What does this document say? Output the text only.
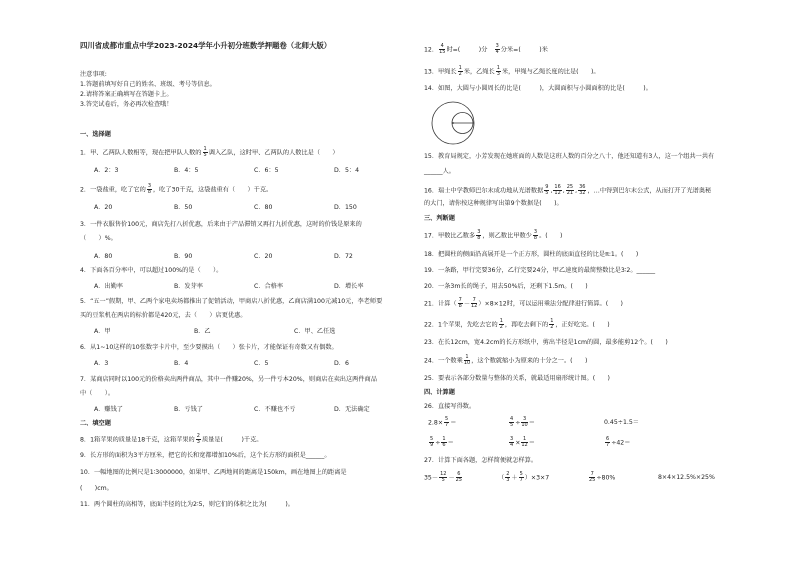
四川省成都市重点中学2023-2024学年小升初分班数学押题卷（北师大版）
注意事项:
1.答题前填写好自己的姓名、班级、考号等信息。
2.请将答案正确填写在答题卡上。
3.答完试卷后，务必再次检查哦！
一、选择题
1．甲、乙两队人数相等，现在把甲队人数的 $\frac{1}{5}$ 调入乙队，这时甲、乙两队的人数比是（　　）
A．2：3	B．4：5	C．6：5	D．5：4
2．一袋盐重，吃了它的 $\frac{3}{8}$ ，吃了30千克，这袋盐重有（　　）千克。
A．20	B．50	C．80	D．150
3．一件衣服售价100元，商店先打八折优惠，后来由于产品滞销又再打九折优惠，这时的价钱是原来的
（　　）%。
A．80	B．90	C．20	D．72
4．下面各百分率中，可以超过100%的是（　　）。
A．出勤率	B．发芽率	C．合格率	D．增长率
5．“五一”假期，甲、乙两个家电卖场都推出了促销活动，甲商店八折优惠，乙商店满100元减10元，李老师要
买的豆浆机在两店的标价都是420元，去（　　）店更优惠。
A．甲	B．乙	C．甲、乙任选
6．从1~10这样的10张数字卡片中，至少要摸出（　　）张卡片，才能保证有奇数又有偶数。
A．3	B．4	C．5	D．6
7．某商店同时以100元的价格卖出两件商品，其中一件赚20%，另一件亏本20%，则商店在卖出这两件商品
中（　　）。
A．赚钱了	B．亏钱了	C．不赚也不亏	D．无法确定
二、填空题
8．1箱苹果的质量是18千克，这箱苹果的 $\frac{2}{3}$ 质量是(　　　)千克。
9．长方形的面积为3平方厘米，把它的长和宽都增加10%后，这个长方形的面积是______。
10．一幅地图的比例尺是1∶3000000，如果甲、乙两地间的距离是150km，画在地图上的距离是
(　　)cm。
11．两个圆柱的高相等，底面半径的比为2∶5，则它们的体积之比为(　　　)。
12． $\frac{4}{15}$ 时=(　　　)分　 $\frac{3}{4}$ 分米=(　　　)米
13．甲绳长 $\frac{1}{2}$ 米，乙绳长 $\frac{1}{3}$ 米，甲绳与乙绳长度的比是(　　)。
14．如图，大圆与小圆周长的比是(　　　)，大圆面积与小圆面积的比是(　　　)。
15．教育局规定，小芳发现在她班面的人数是这班人数的百分之八十，他还知道有3人，这一个组共一共有
______人。
16．瑞士中学教师巴尔末成功地从光谱数据 $\frac{9}{5}$ , $\frac{16}{12}$ , $\frac{25}{21}$ , $\frac{36}{32}$ ，…中得到巴尔末公式，从而打开了光谱奥秘
的大门，请你按这种规律写出第9个数据是(　　)。
三、判断题
17．甲数比乙数多 $\frac{3}{8}$ ，则乙数比甲数少 $\frac{3}{8}$ 。(　　)
18．把圆柱的侧面沿高展开是一个正方形，圆柱的底面直径的比是π:1。(　　)
19．一条路，甲行完要36分，乙行完要24分，甲乙速度的最简整数比是3∶2。______
20．一条3m长的绳子，用去50%后，还剩下1.5m。(　　)
21．计算（ $\frac{7}{8} - \frac{7}{12} )\times 8\times 12$时，可以运用乘法分配律进行简算。(　　)
22．1个苹果，先吃去它的 $\frac{1}{2}$ ，再吃去剩下的 $\frac{1}{2}$ ，正好吃完。(　　)
23．在长12cm，宽4.2cm的长方形纸中，剪出半径是1cm的圆，最多能剪12个。(　　)
24．一个数乘 $\frac{1}{10}$ ，这个数就缩小为原来的十分之一。(　　)
25．要表示各部分数量与整体的关系，就最适用扇形统计图。(　　)
四、计算题
26．直接写得数。
$2.8\times \frac{5}{7}$ ＝	$\frac{4}{5} \div \frac{3}{10}$ ＝	0.45÷1.5＝
$\frac{5}{9} \div \frac{1}{6}$ ＝	$\frac{3}{4} \times \frac{1}{12}$ ＝	$\frac{6}{7} \div 42=$
27．计算下面各题，怎样简便就怎样算。
$35- \frac{12}{5} - \frac{6}{25}$	（ $\frac{2}{3} + \frac{5}{7} )\times 3\times 7$	$\frac{7}{25} \div 80\%$	8×4×12.5%×25%
